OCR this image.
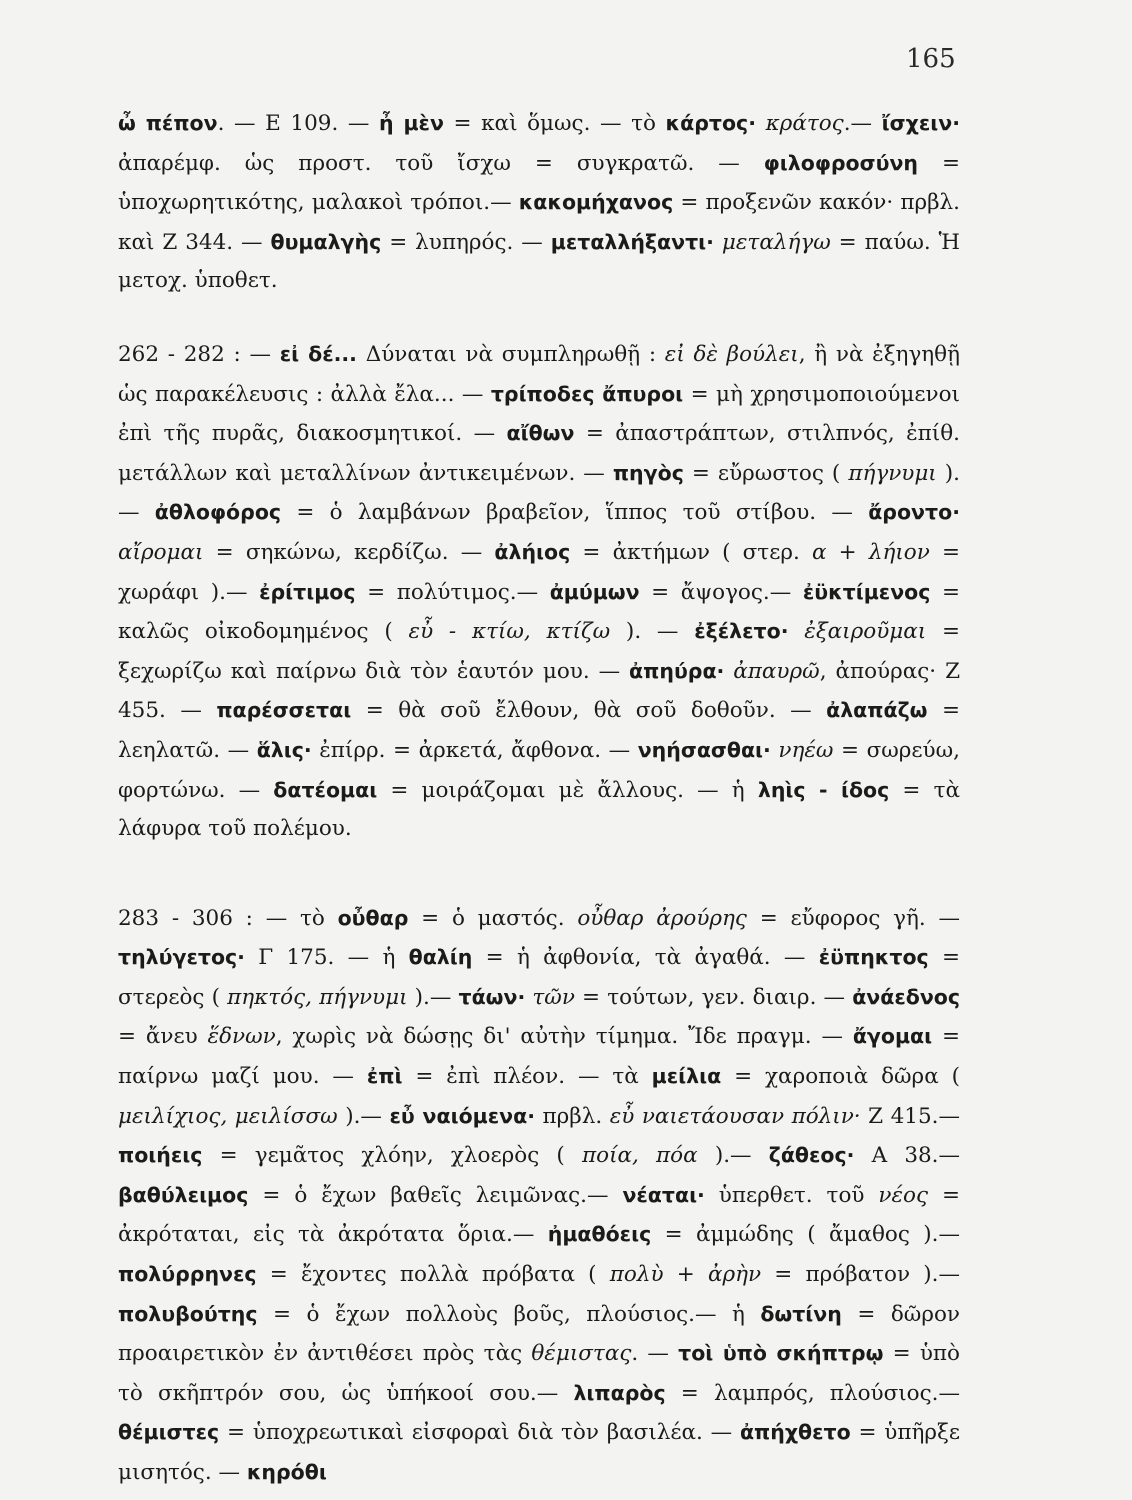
165

ὦ πέπον. — Ε 109. — ἦ μὲν = καὶ ὅμως. — τὸ κάρτος· κράτος.— ἴσχειν· ἀπαρέμφ. ὡς προστ. τοῦ ἴσχω = συγκρατῶ. — φιλοφροσύνη = ὑποχωρητικότης, μαλακοὶ τρόποι.— κακομήχανος = προξενῶν κακόν· πρβλ. καὶ Ζ 344. — θυμαλγὴς = λυπηρός. — μεταλλήξαντι· μεταλήγω = παύω. Ἡ μετοχ. ὑποθετ.

262 - 282 : — εἰ δέ... Δύναται νὰ συμπληρωθῇ : εἰ δὲ βούλει, ἢ νὰ ἐξηγηθῇ ὡς παρακέλευσις : ἀλλὰ ἔλα... — τρίποδες ἄπυροι = μὴ χρησιμοποιούμενοι ἐπὶ τῆς πυρᾶς, διακοσμητικοί. — αἴθων = ἀπαστράπτων, στιλπνός, ἐπίθ. μετάλλων καὶ μεταλλίνων ἀντικειμένων. — πηγὸς = εὔρωστος ( πήγνυμι ). — ἀθλοφόρος = ὁ λαμβάνων βραβεῖον, ἵππος τοῦ στίβου. — ἄροντο· αἴρομαι = σηκώνω, κερδίζω. — ἀλήιος = ἀκτήμων ( στερ. α + λήιον = χωράφι ).— ἐρίτιμος = πολύτιμος.— ἀμύμων = ἄψογος.— ἐϋκτίμενος = καλῶς οἰκοδομημένος ( εὖ - κτίω, κτίζω ). — ἐξέλετο· ἐξαιροῦμαι = ξεχωρίζω καὶ παίρνω διὰ τὸν ἑαυτόν μου. — ἀπηύρα· ἀπαυρῶ, ἀπούρας· Ζ 455. — παρέσσεται = θὰ σοῦ ἔλθουν, θὰ σοῦ δοθοῦν. — ἀλαπάζω = λεηλατῶ. — ἅλις· ἐπίρρ. = ἀρκετά, ἄφθονα. — νηήσασθαι· νηέω = σωρεύω, φορτώνω. — δατέομαι = μοιράζομαι μὲ ἄλλους. — ἡ ληὶς - ίδος = τὰ λάφυρα τοῦ πολέμου.

283 - 306 : — τὸ οὖθαρ = ὁ μαστός. οὖθαρ ἀρούρης = εὔφορος γῆ. — τηλύγετος· Γ 175. — ἡ θαλίη = ἡ ἀφθονία, τὰ ἀγαθά. — ἐϋπηκτος = στερεὸς ( πηκτός, πήγνυμι ).— τάων· τῶν = τούτων, γεν. διαιρ. — ἀνάεδνος = ἄνευ ἕδνων, χωρὶς νὰ δώσῃς δι' αὐτὴν τίμημα. Ἴδε πραγμ. — ἄγομαι = παίρνω μαζί μου. — ἐπὶ = ἐπὶ πλέον. — τὰ μείλια = χαροποιὰ δῶρα ( μειλίχιος, μειλίσσω ).— εὖ ναιόμενα· πρβλ. εὖ ναιετάουσαν πόλιν· Ζ 415.— ποιήεις = γεμᾶτος χλόην, χλοερὸς ( ποία, πόα ).— ζάθεος· Α 38.— βαθύλειμος = ὁ ἔχων βαθεῖς λειμῶνας.— νέαται· ὑπερθετ. τοῦ νέος = ἀκρόταται, εἰς τὰ ἀκρότατα ὅρια.— ἠμαθόεις = ἀμμώδης ( ἄμαθος ).— πολύρρηνες = ἔχοντες πολλὰ πρόβατα ( πολὺ + ἀρὴν = πρόβατον ).— πολυβούτης = ὁ ἔχων πολλοὺς βοῦς, πλούσιος.— ἡ δωτίνη = δῶρον προαιρετικὸν ἐν ἀντιθέσει πρὸς τὰς θέμιστας. — τοὶ ὑπὸ σκήπτρῳ = ὑπὸ τὸ σκῆπτρόν σου, ὡς ὑπήκοοί σου.— λιπαρὸς = λαμπρός, πλούσιος.— θέμιστες = ὑποχρεωτικαὶ εἰσφοραὶ διὰ τὸν βασιλέα. — ἀπήχθετο = ὑπῆρξε μισητός. — κηρόθι
